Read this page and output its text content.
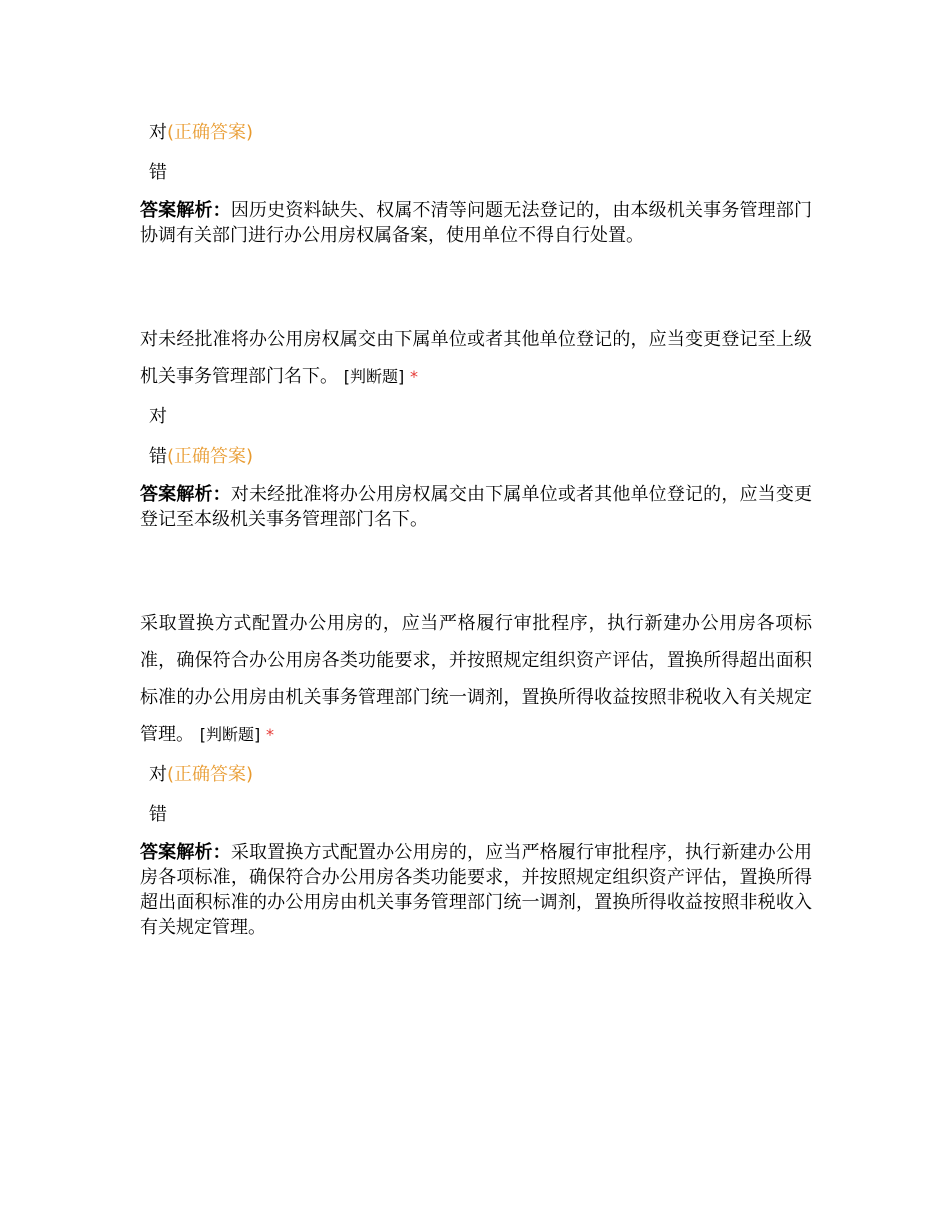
对(正确答案)
错
答案解析：因历史资料缺失、权属不清等问题无法登记的，由本级机关事务管理部门协调有关部门进行办公用房权属备案，使用单位不得自行处置。
对未经批准将办公用房权属交由下属单位或者其他单位登记的，应当变更登记至上级机关事务管理部门名下。 [判断题] *
对
错(正确答案)
答案解析：对未经批准将办公用房权属交由下属单位或者其他单位登记的，应当变更登记至本级机关事务管理部门名下。
采取置换方式配置办公用房的，应当严格履行审批程序，执行新建办公用房各项标准，确保符合办公用房各类功能要求，并按照规定组织资产评估，置换所得超出面积标准的办公用房由机关事务管理部门统一调剂，置换所得收益按照非税收入有关规定管理。 [判断题] *
对(正确答案)
错
答案解析：采取置换方式配置办公用房的，应当严格履行审批程序，执行新建办公用房各项标准，确保符合办公用房各类功能要求，并按照规定组织资产评估，置换所得超出面积标准的办公用房由机关事务管理部门统一调剂，置换所得收益按照非税收入有关规定管理。
